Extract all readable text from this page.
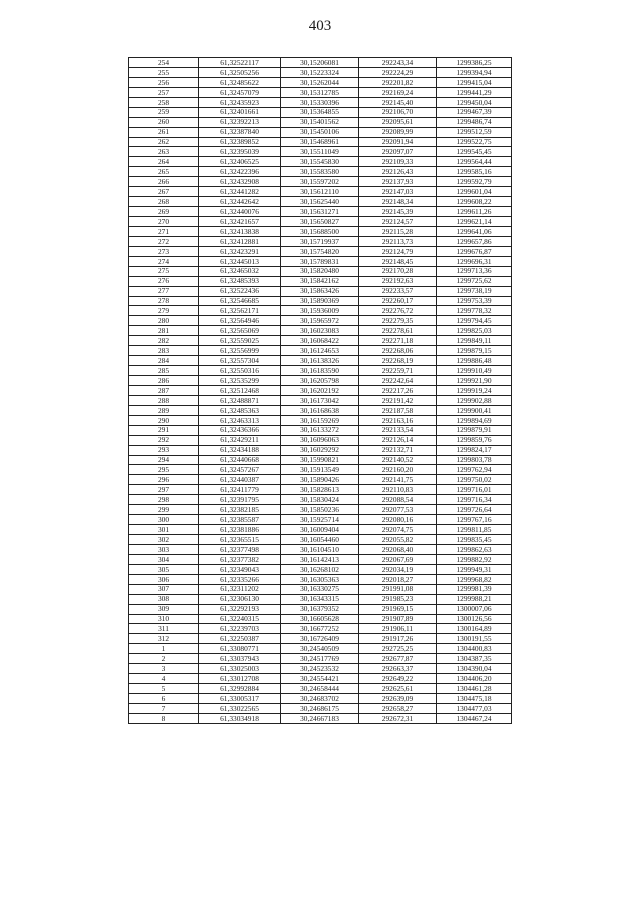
403
254	61,32522117	30,15206081	292243,34	1299386,25
255	61,32505256	30,15223324	292224,29	1299394,94
256	61,32485622	30,15262044	292201,82	1299415,04
257	61,32457079	30,15312785	292169,24	1299441,29
258	61,32435923	30,15330396	292145,40	1299450,04
259	61,32401661	30,15364855	292106,70	1299467,39
260	61,32392213	30,15401562	292095,61	1299486,74
261	61,32387840	30,15450106	292089,99	1299512,59
262	61,32389852	30,15468961	292091,94	1299522,75
263	61,32395039	30,15511049	292097,07	1299545,45
264	61,32406525	30,15545830	292109,33	1299564,44
265	61,32422396	30,15583580	292126,43	1299585,16
266	61,32432908	30,15597202	292137,93	1299592,79
267	61,32441282	30,15612110	292147,03	1299601,04
268	61,32442642	30,15625440	292148,34	1299608,22
269	61,32440076	30,15631271	292145,39	1299611,26
270	61,32421657	30,15650827	292124,57	1299621,14
271	61,32413838	30,15688500	292115,28	1299641,06
272	61,32412881	30,15719937	292113,73	1299657,86
273	61,32423291	30,15754820	292124,79	1299676,87
274	61,32445013	30,15789831	292148,45	1299696,31
275	61,32465032	30,15820480	292170,28	1299713,36
276	61,32485393	30,15842162	292192,63	1299725,62
277	61,32522436	30,15863426	292233,57	1299738,19
278	61,32546685	30,15890369	292260,17	1299753,39
279	61,32562171	30,15936009	292276,72	1299778,32
280	61,32564946	30,15965972	292279,35	1299794,45
281	61,32565069	30,16023083	292278,61	1299825,03
282	61,32559025	30,16068422	292271,18	1299849,11
283	61,32556999	30,16124653	292268,06	1299879,15
284	61,32557304	30,16138326	292268,19	1299886,48
285	61,32550316	30,16183590	292259,71	1299910,49
286	61,32535299	30,16205798	292242,64	1299921,90
287	61,32512468	30,16202192	292217,26	1299919,24
288	61,32488871	30,16173042	292191,42	1299902,88
289	61,32485363	30,16168638	292187,58	1299900,41
290	61,32463313	30,16159269	292163,16	1299894,69
291	61,32436366	30,16133272	292133,54	1299879,91
292	61,32429211	30,16096063	292126,14	1299859,76
293	61,32434188	30,16029292	292132,71	1299824,17
294	61,32440668	30,15990821	292140,52	1299803,78
295	61,32457267	30,15913549	292160,20	1299762,94
296	61,32440387	30,15890426	292141,75	1299750,02
297	61,32411779	30,15828613	292110,83	1299716,01
298	61,32391795	30,15830424	292088,54	1299716,34
299	61,32382185	30,15850236	292077,53	1299726,64
300	61,32385587	30,15925714	292080,16	1299767,16
301	61,32381886	30,16009404	292074,75	1299811,85
302	61,32365515	30,16054460	292055,82	1299835,45
303	61,32377498	30,16104510	292068,40	1299862,63
304	61,32377382	30,16142413	292067,69	1299882,92
305	61,32349043	30,16268102	292034,19	1299949,31
306	61,32335266	30,16305363	292018,27	1299968,82
307	61,32311202	30,16330275	291991,08	1299981,39
308	61,32306130	30,16343315	291985,23	1299988,21
309	61,32292193	30,16379352	291969,15	1300007,06
310	61,32240315	30,16605628	291907,89	1300126,56
311	61,32239703	30,16677252	291906,11	1300164,89
312	61,32250387	30,16726409	291917,26	1300191,55
1	61,33080771	30,24540509	292725,25	1304400,83
2	61,33037943	30,24517769	292677,87	1304387,35
3	61,33025003	30,24523532	292663,37	1304390,04
4	61,33012708	30,24554421	292649,22	1304406,20
5	61,32992884	30,24658444	292625,61	1304461,28
6	61,33005317	30,24683702	292639,09	1304475,18
7	61,33022565	30,24686175	292658,27	1304477,03
8	61,33034918	30,24667183	292672,31	1304467,24
